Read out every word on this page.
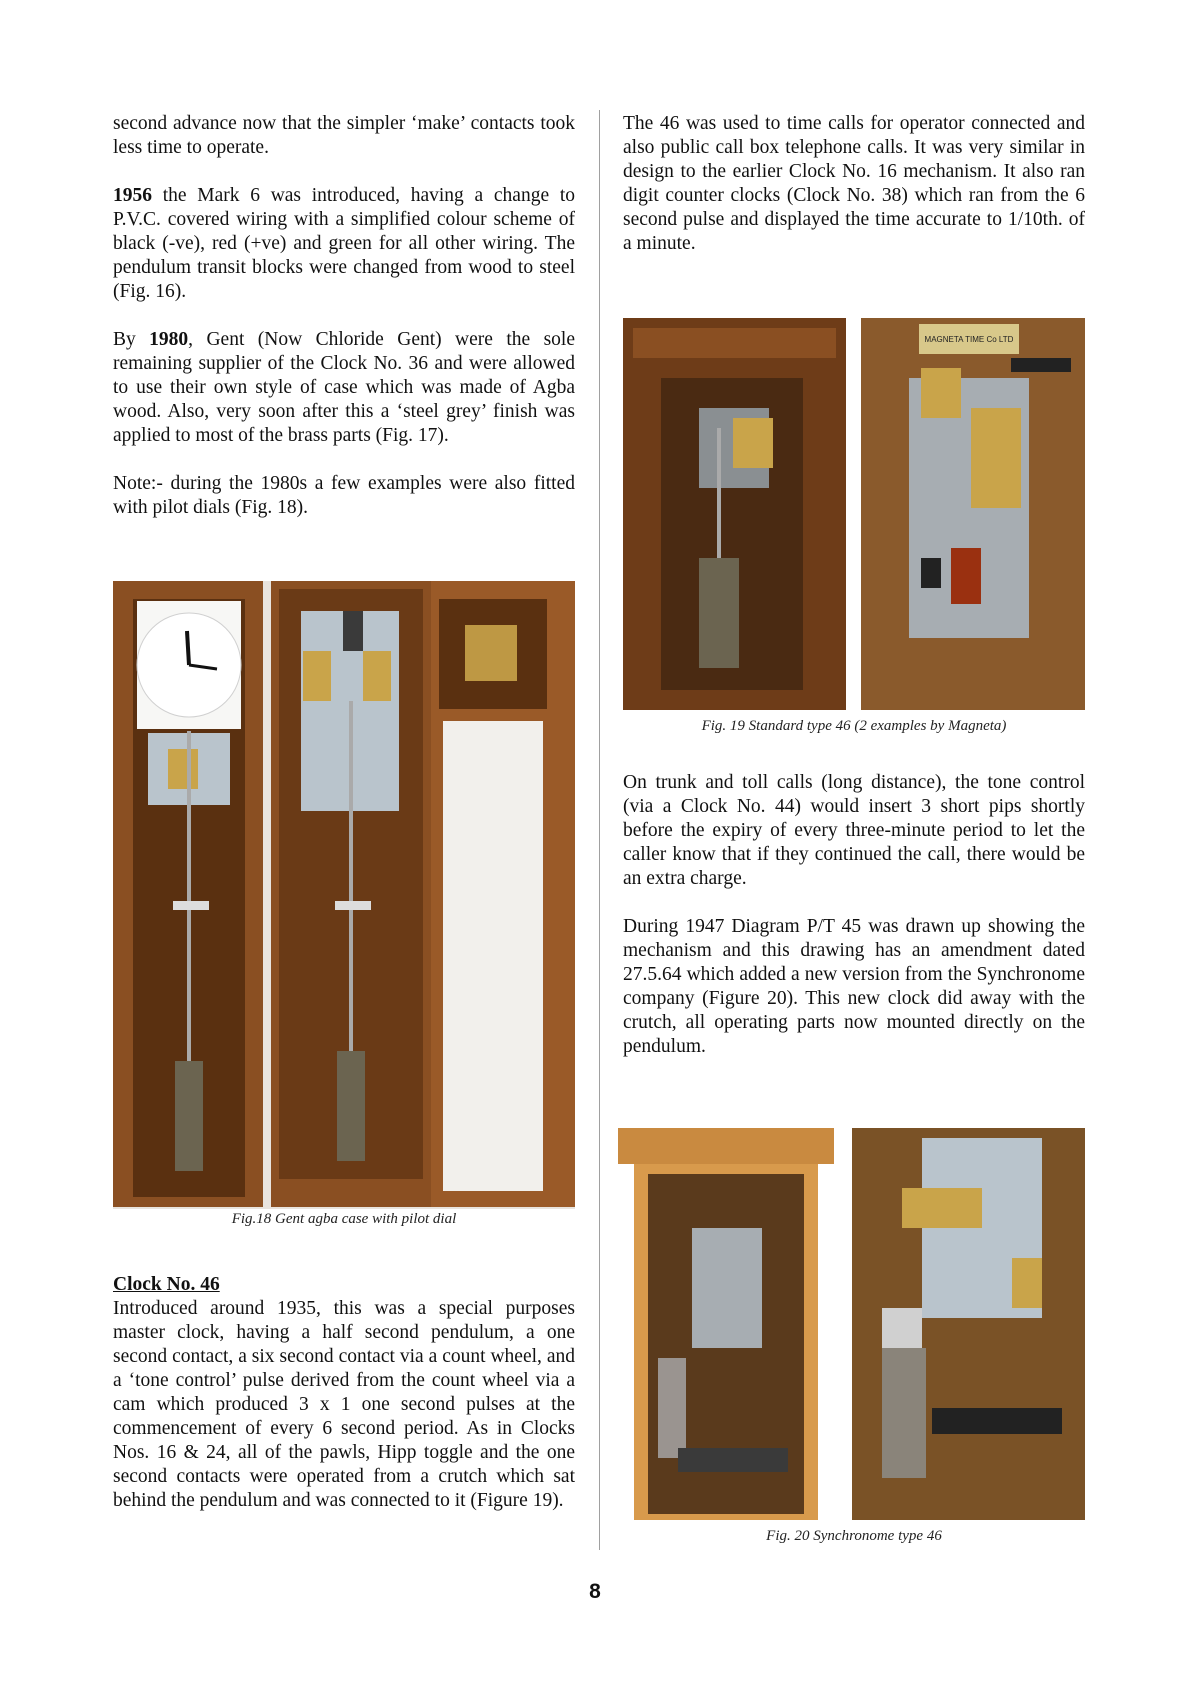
second advance now that the simpler ‘make’ contacts took less time to operate.

1956 the Mark 6 was introduced, having a change to P.V.C. covered wiring with a simplified colour scheme of black (-ve), red (+ve) and green for all other wiring. The pendulum transit blocks were changed from wood to steel (Fig. 16).

By 1980, Gent (Now Chloride Gent) were the sole remaining supplier of the Clock No. 36 and were allowed to use their own style of case which was made of Agba wood. Also, very soon after this a ‘steel grey’ finish was applied to most of the brass parts (Fig. 17).

Note:- during the 1980s a few examples were also fitted with pilot dials (Fig. 18).

Fig.18 Gent agba case with pilot dial

Clock No. 46

Introduced around 1935, this was a special purposes master clock, having a half second pendulum, a one second contact, a six second contact via a count wheel, and a ‘tone control’ pulse derived from the count wheel via a cam which produced 3 x 1 one second pulses at the commencement of every 6 second period. As in Clocks Nos. 16 & 24, all of the pawls, Hipp toggle and the one second contacts were operated from a crutch which sat behind the pendulum and was connected to it (Figure 19).

The 46 was used to time calls for operator connected and also public call box telephone calls. It was very similar in design to the earlier Clock No. 16 mechanism. It also ran digit counter clocks (Clock No. 38) which ran from the 6 second pulse and displayed the time accurate to 1/10th. of a minute.

MAGNETA TIME Co LTD
Fig. 19 Standard type 46 (2 examples by Magneta)

On trunk and toll calls (long distance), the tone control (via a Clock No. 44) would insert 3 short pips shortly before the expiry of every three-minute period to let the caller know that if they continued the call, there would be an extra charge.

During 1947 Diagram P/T 45 was drawn up showing the mechanism and this drawing has an amendment dated 27.5.64 which added a new version from the Synchronome company (Figure 20). This new clock did away with the crutch, all operating parts now mounted directly on the pendulum.

Fig. 20 Synchronome type 46
8
